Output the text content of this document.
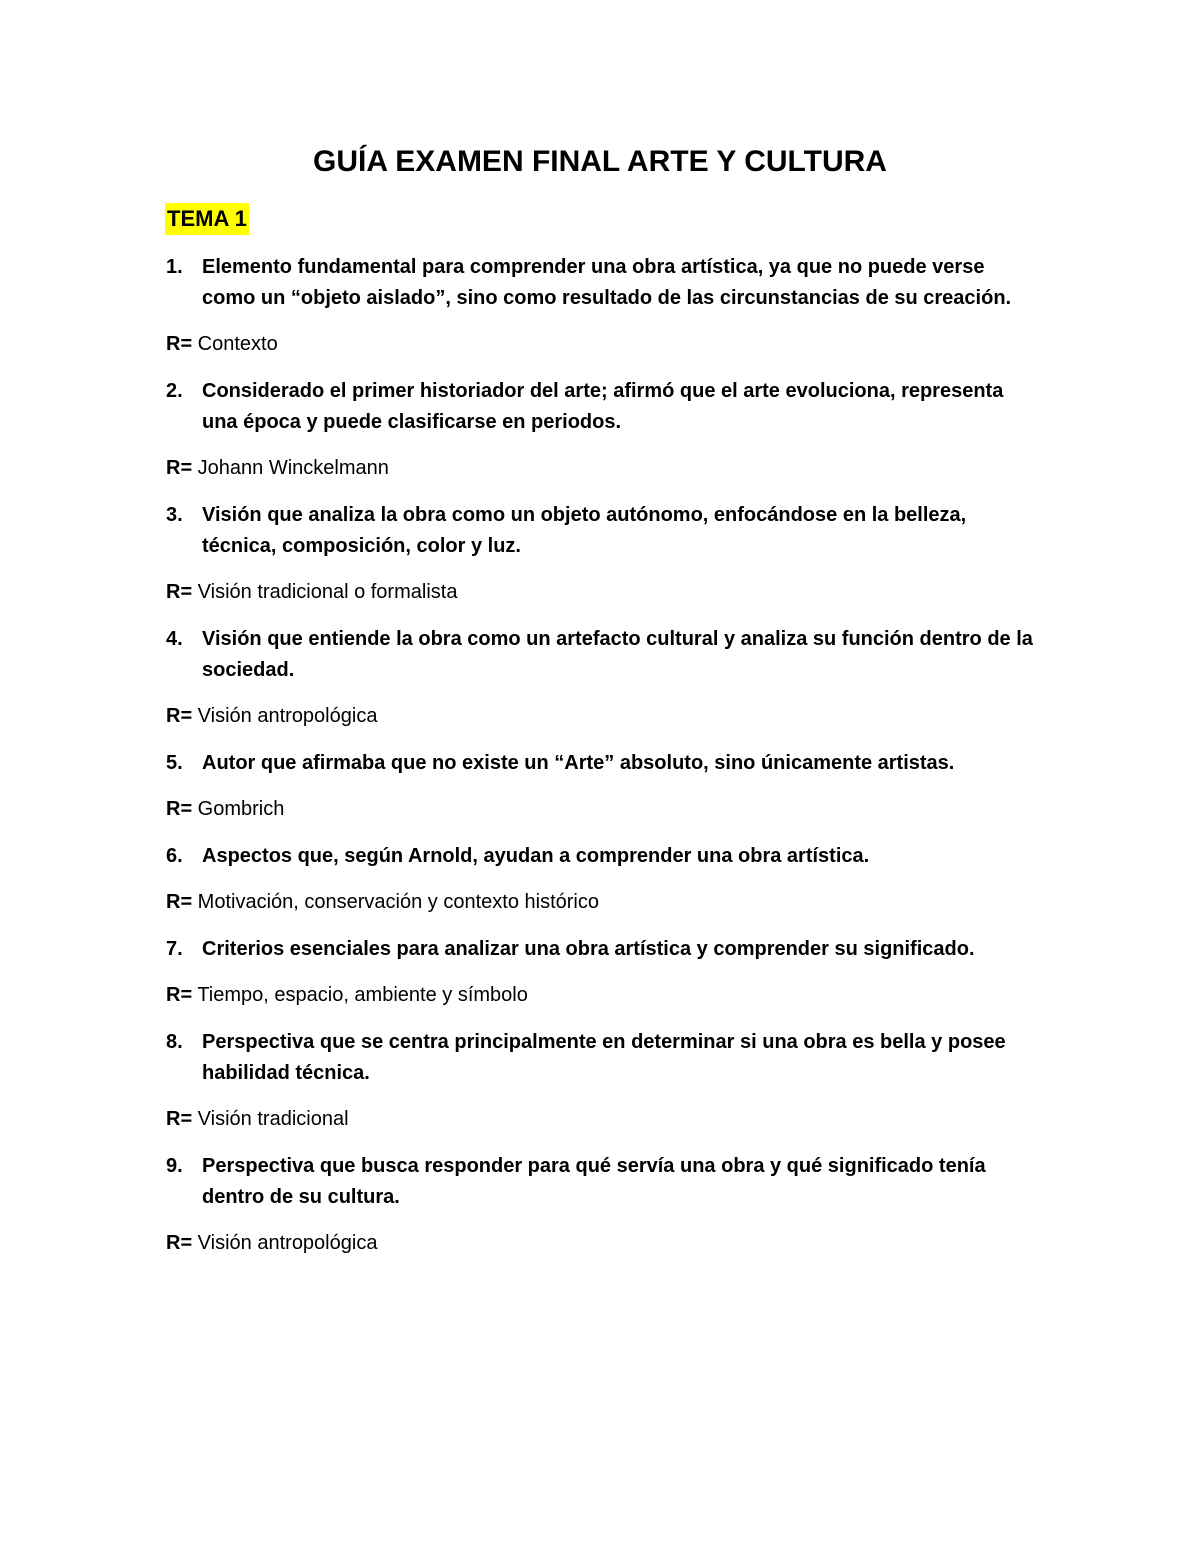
GUÍA EXAMEN FINAL ARTE Y CULTURA
TEMA 1
1. Elemento fundamental para comprender una obra artística, ya que no puede verse como un “objeto aislado”, sino como resultado de las circunstancias de su creación.

R= Contexto

2. Considerado el primer historiador del arte; afirmó que el arte evoluciona, representa una época y puede clasificarse en periodos.

R= Johann Winckelmann

3. Visión que analiza la obra como un objeto autónomo, enfocándose en la belleza, técnica, composición, color y luz.

R= Visión tradicional o formalista

4. Visión que entiende la obra como un artefacto cultural y analiza su función dentro de la sociedad.

R= Visión antropológica

5. Autor que afirmaba que no existe un “Arte” absoluto, sino únicamente artistas.

R= Gombrich

6. Aspectos que, según Arnold, ayudan a comprender una obra artística.

R= Motivación, conservación y contexto histórico

7. Criterios esenciales para analizar una obra artística y comprender su significado.

R= Tiempo, espacio, ambiente y símbolo

8. Perspectiva que se centra principalmente en determinar si una obra es bella y posee habilidad técnica.

R= Visión tradicional

9. Perspectiva que busca responder para qué servía una obra y qué significado tenía dentro de su cultura.

R= Visión antropológica
